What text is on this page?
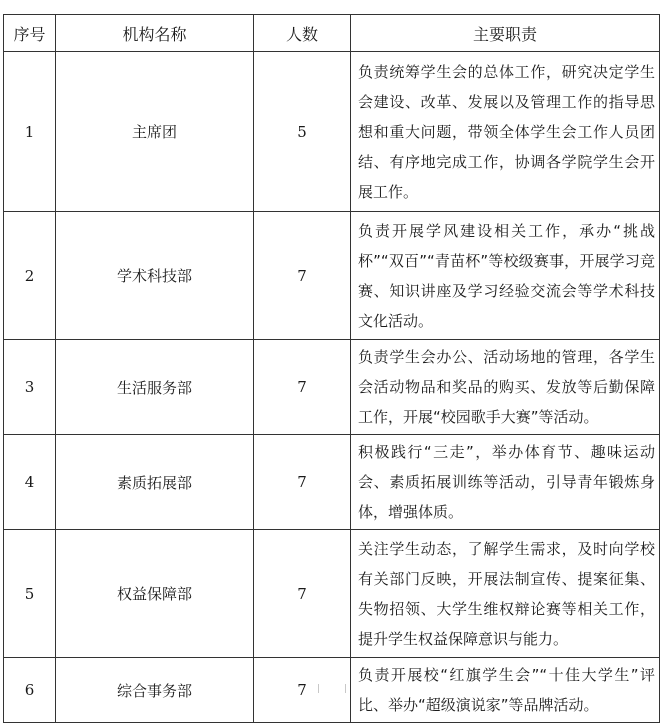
序号	机构名称	人数	主要职责
1	主席团	5	负责统筹学生会的总体工作，研究决定学生会建设、改革、发展以及管理工作的指导思想和重大问题，带领全体学生会工作人员团结、有序地完成工作，协调各学院学生会开展工作。
2	学术科技部	7	负责开展学风建设相关工作，承办“挑战杯”“双百”“青苗杯”等校级赛事，开展学习竞赛、知识讲座及学习经验交流会等学术科技文化活动。
3	生活服务部	7	负责学生会办公、活动场地的管理，各学生会活动物品和奖品的购买、发放等后勤保障工作，开展“校园歌手大赛”等活动。
4	素质拓展部	7	积极践行“三走”，举办体育节、趣味运动会、素质拓展训练等活动，引导青年锻炼身体，增强体质。
5	权益保障部	7	关注学生动态，了解学生需求，及时向学校有关部门反映，开展法制宣传、提案征集、失物招领、大学生维权辩论赛等相关工作，提升学生权益保障意识与能力。
6	综合事务部	7	负责开展校“红旗学生会”“十佳大学生”评比、举办“超级演说家”等品牌活动。
